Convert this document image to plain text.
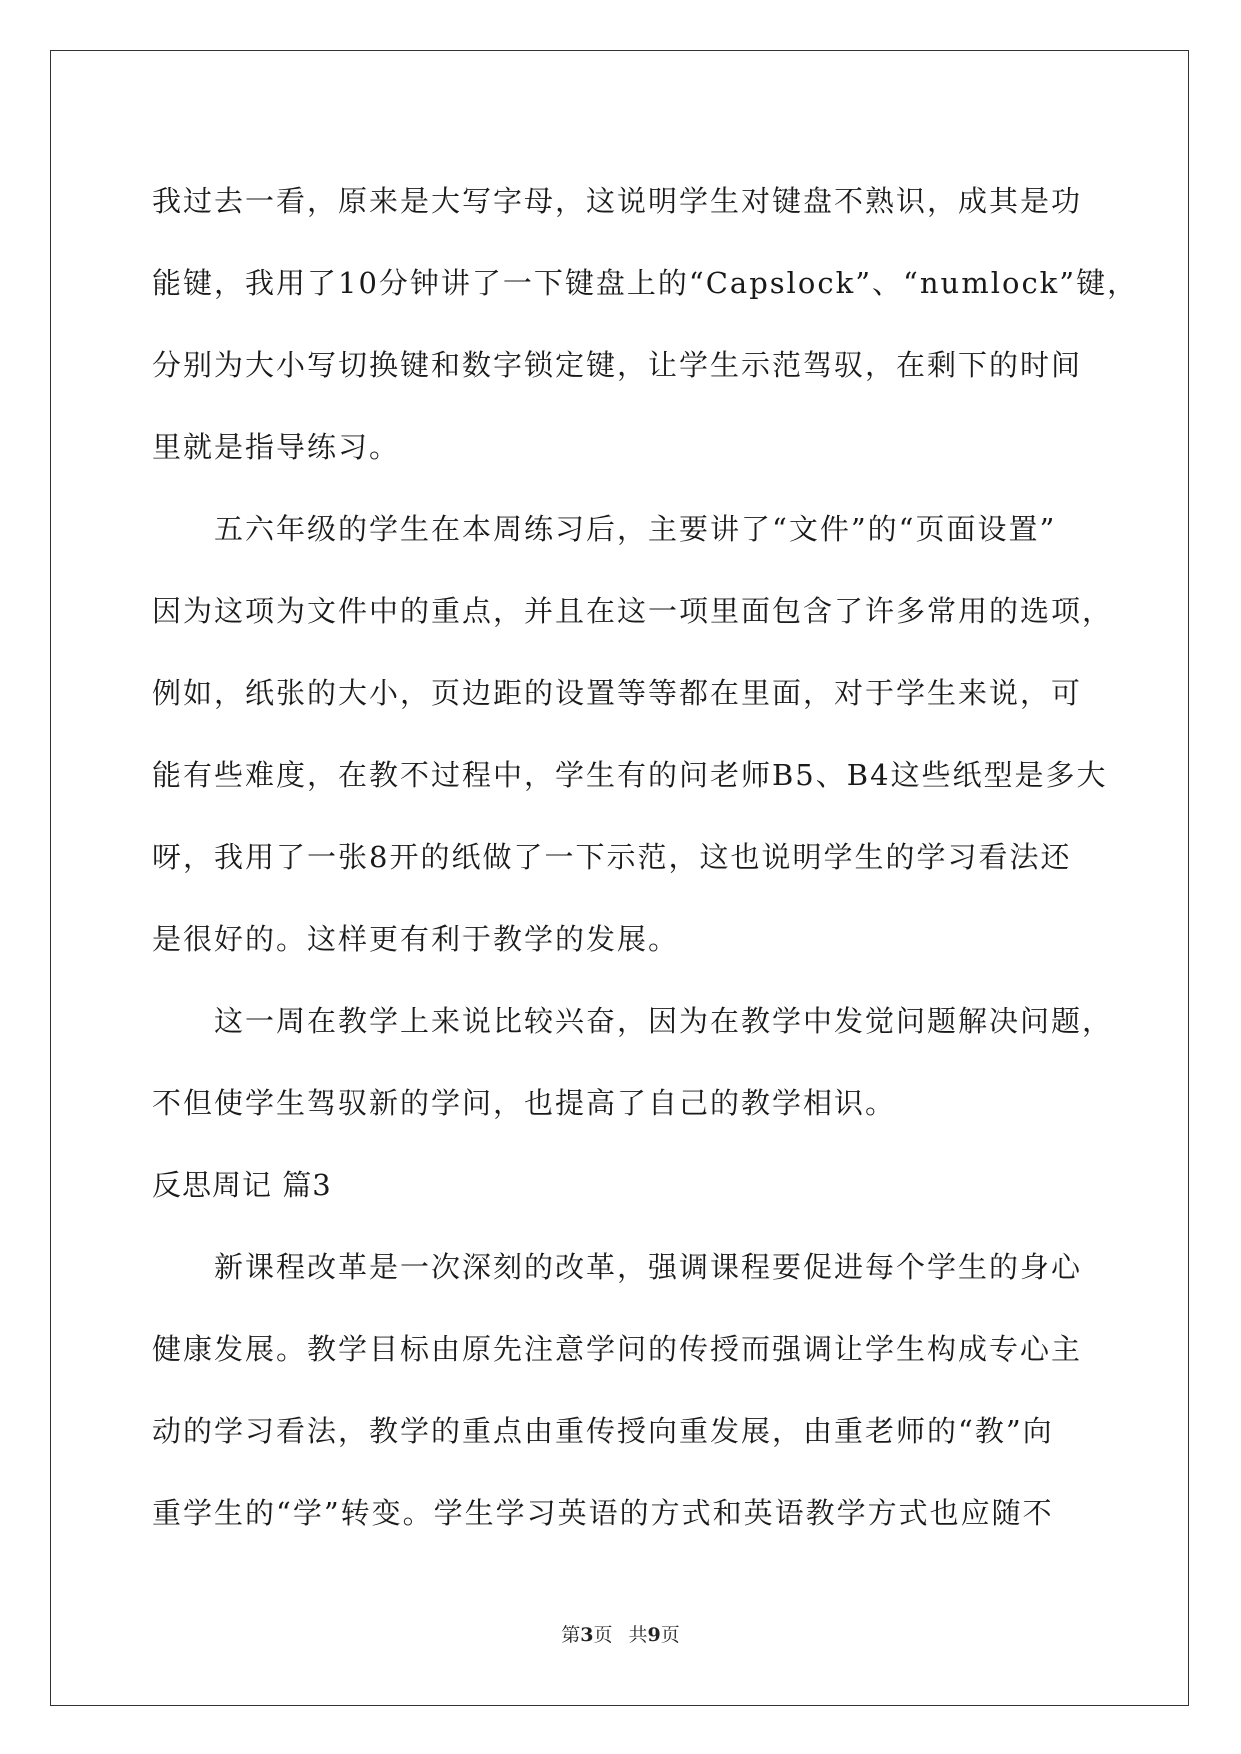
我过去一看，原来是大写字母，这说明学生对键盘不熟识，成其是功
能键，我用了10分钟讲了一下键盘上的“Capslock”、“numlock”键，
分别为大小写切换键和数字锁定键，让学生示范驾驭，在剩下的时间
里就是指导练习。
五六年级的学生在本周练习后，主要讲了“文件”的“页面设置”
因为这项为文件中的重点，并且在这一项里面包含了许多常用的选项，
例如，纸张的大小，页边距的设置等等都在里面，对于学生来说，可
能有些难度，在教不过程中，学生有的问老师B5、B4这些纸型是多大
呀，我用了一张8开的纸做了一下示范，这也说明学生的学习看法还
是很好的。这样更有利于教学的发展。
这一周在教学上来说比较兴奋，因为在教学中发觉问题解决问题，
不但使学生驾驭新的学问，也提高了自己的教学相识。
反思周记 篇3
新课程改革是一次深刻的改革，强调课程要促进每个学生的身心
健康发展。教学目标由原先注意学问的传授而强调让学生构成专心主
动的学习看法，教学的重点由重传授向重发展，由重老师的“教”向
重学生的“学”转变。学生学习英语的方式和英语教学方式也应随不
第3页 共9页
